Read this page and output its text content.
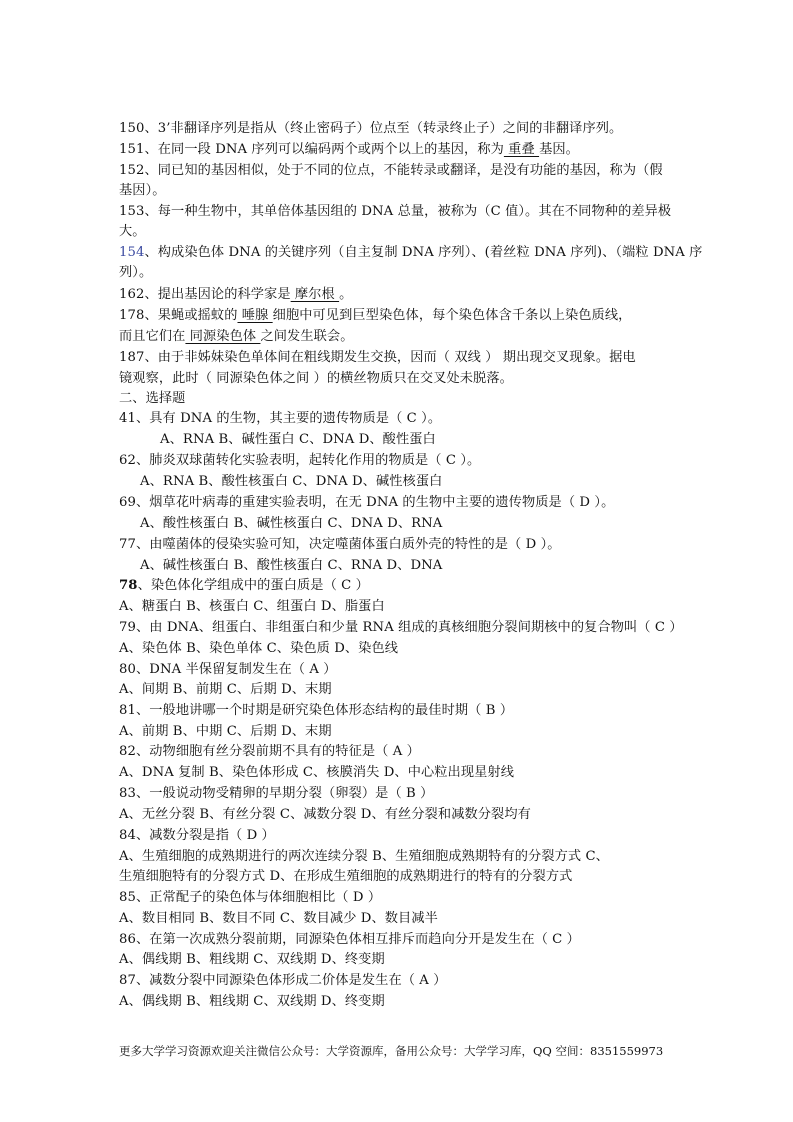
150、3’非翻译序列是指从（终止密码子）位点至（转录终止子）之间的非翻译序列。
151、在同一段 DNA 序列可以编码两个或两个以上的基因，称为 重叠 基因。
152、同已知的基因相似，处于不同的位点，不能转录或翻译，是没有功能的基因，称为（假
基因）。
153、每一种生物中，其单倍体基因组的 DNA 总量，被称为（C 值）。其在不同物种的差异极
大。
154、构成染色体 DNA 的关键序列（自主复制 DNA 序列）、(着丝粒 DNA 序列)、（端粒 DNA 序
列）。
162、提出基因论的科学家是 摩尔根 。
178、果蝇或摇蚊的 唾腺 细胞中可见到巨型染色体，每个染色体含千条以上染色质线，
而且它们在 同源染色体 之间发生联会。
187、由于非姊妹染色单体间在粗线期发生交换，因而（ 双线 ） 期出现交叉现象。据电
镜观察，此时（ 同源染色体之间 ）的横丝物质只在交叉处未脱落。
二、选择题
41、具有 DNA 的生物，其主要的遗传物质是（ C ）。
A、RNA B、碱性蛋白 C、DNA D、酸性蛋白
62、肺炎双球菌转化实验表明，起转化作用的物质是（ C ）。
A、RNA B、酸性核蛋白 C、DNA D、碱性核蛋白
69、烟草花叶病毒的重建实验表明，在无 DNA 的生物中主要的遗传物质是（ D ）。
A、酸性核蛋白 B、碱性核蛋白 C、DNA D、RNA
77、由噬菌体的侵染实验可知，决定噬菌体蛋白质外壳的特性的是（ D ）。
A、碱性核蛋白 B、酸性核蛋白 C、RNA D、DNA
78、染色体化学组成中的蛋白质是（ C ）
A、糖蛋白 B、核蛋白 C、组蛋白 D、脂蛋白
79、由 DNA、组蛋白、非组蛋白和少量 RNA 组成的真核细胞分裂间期核中的复合物叫（ C ）
A、染色体 B、染色单体 C、染色质 D、染色线
80、DNA 半保留复制发生在（ A ）
A、间期 B、前期 C、后期 D、末期
81、一般地讲哪一个时期是研究染色体形态结构的最佳时期（ B ）
A、前期 B、中期 C、后期 D、末期
82、动物细胞有丝分裂前期不具有的特征是（ A ）
A、DNA 复制 B、染色体形成 C、核膜消失 D、中心粒出现星射线
83、一般说动物受精卵的早期分裂（卵裂）是（ B ）
A、无丝分裂 B、有丝分裂 C、减数分裂 D、有丝分裂和减数分裂均有
84、减数分裂是指（ D ）
A、生殖细胞的成熟期进行的两次连续分裂 B、生殖细胞成熟期特有的分裂方式 C、
生殖细胞特有的分裂方式 D、在形成生殖细胞的成熟期进行的特有的分裂方式
85、正常配子的染色体与体细胞相比（ D ）
A、数目相同 B、数目不同 C、数目减少 D、数目减半
86、在第一次成熟分裂前期，同源染色体相互排斥而趋向分开是发生在（ C ）
A、偶线期 B、粗线期 C、双线期 D、终变期
87、减数分裂中同源染色体形成二价体是发生在（ A ）
A、偶线期 B、粗线期 C、双线期 D、终变期
更多大学学习资源欢迎关注微信公众号：大学资源库，备用公众号：大学学习库，QQ 空间：8351559973
